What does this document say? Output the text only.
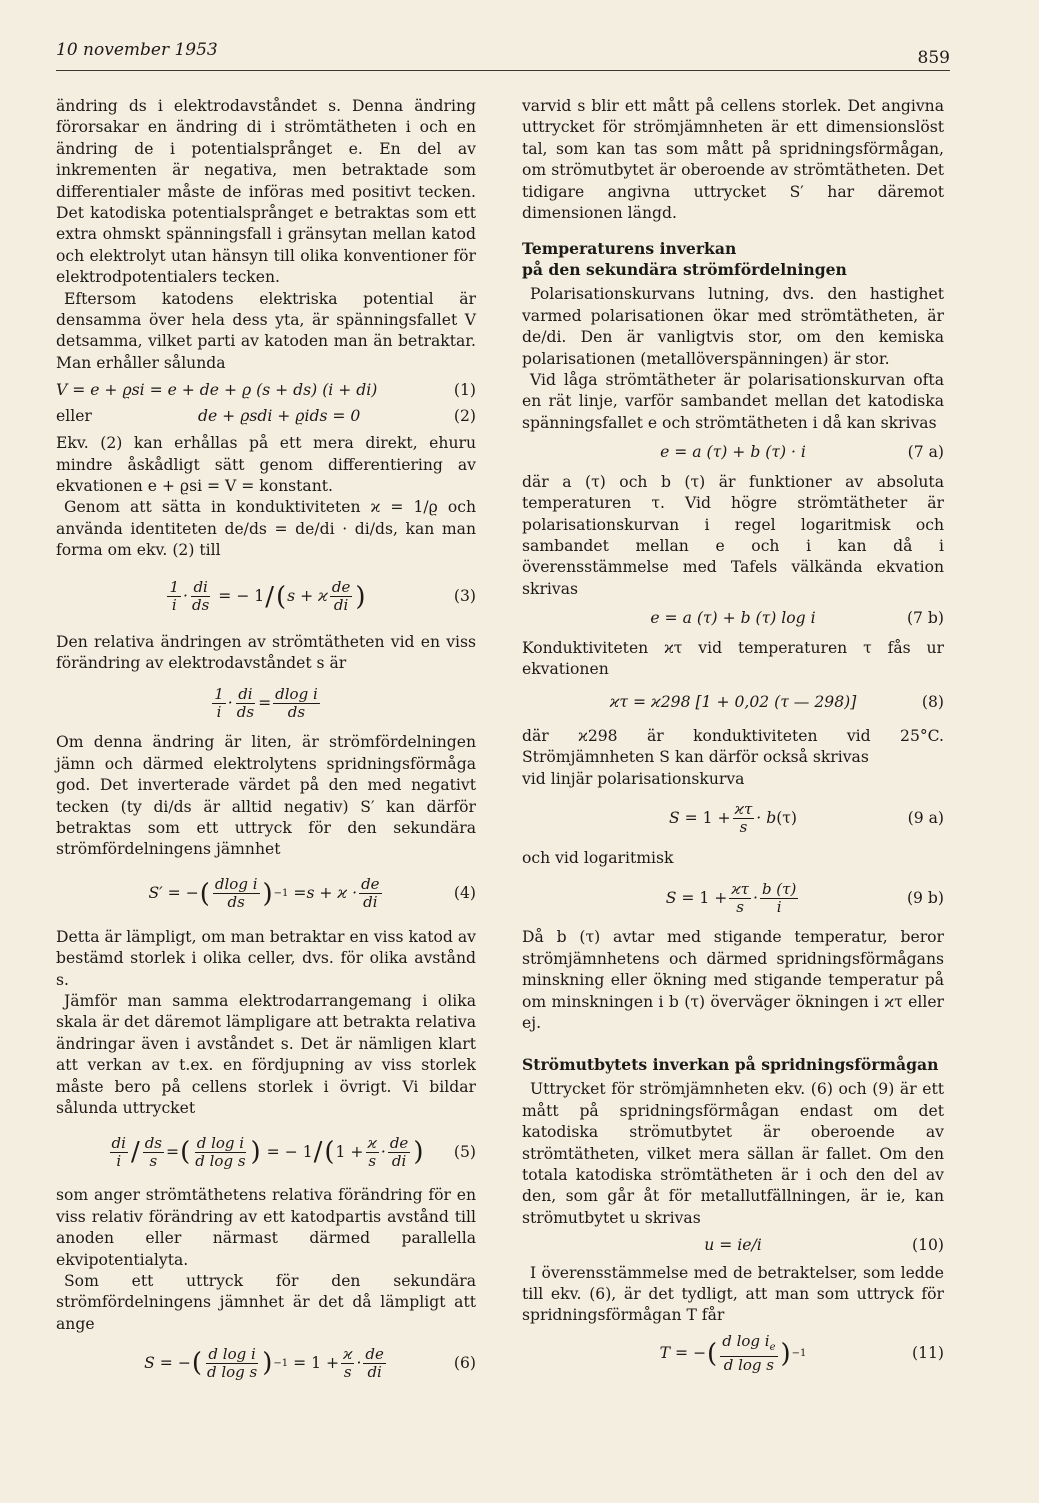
10 november 1953	859

ändring ds i elektrodavståndet s. Denna ändring förorsakar en ändring di i strömtätheten i och en ändring de i potentialsprånget e. En del av inkrementen är negativa, men betraktade som differentialer måste de införas med positivt tecken. Det katodiska potentialsprånget e betraktas som ett extra ohmskt spänningsfall i gränsytan mellan katod och elektrolyt utan hänsyn till olika konventioner för elektrodpotentialers tecken.

Eftersom katodens elektriska potential är densamma över hela dess yta, är spänningsfallet V detsamma, vilket parti av katoden man än betraktar. Man erhåller sålunda

V = e + ϱsi = e + de + ϱ (s + ds) (i + di)	(1)
eller	de + ϱsdi + ϱids = 0	(2)

Ekv. (2) kan erhållas på ett mera direkt, ehuru mindre åskådligt sätt genom differentiering av ekvationen e + ϱsi = V = konstant.

Genom att sätta in konduktiviteten ϰ = 1/ϱ och använda identiteten de/ds = de/di · di/ds, kan man forma om ekv. (2) till

$\frac{1}{i} \cdot \frac{di}{ds}$ = − 1 / ( s + ϰ $\frac{de}{di}$ )	(3)

Den relativa ändringen av strömtätheten vid en viss förändring av elektrodavståndet s är

$\frac{1}{i} \cdot \frac{di}{ds} = \frac{\text{dlog i}}{ds}$

Om denna ändring är liten, är strömfördelningen jämn och därmed elektrolytens spridningsförmåga god. Det inverterade värdet på den med negativt tecken (ty di/ds är alltid negativ) S′ kan därför betraktas som ett uttryck för den sekundära strömfördelningens jämnhet

S′ = − ( $\frac{\text{dlog i}}{ds}$ ) $-1 = s + ϰ \cdot \frac{de}{di}$	(4)

Detta är lämpligt, om man betraktar en viss katod av bestämd storlek i olika celler, dvs. för olika avstånd s.

Jämför man samma elektrodarrangemang i olika skala är det däremot lämpligare att betrakta relativa ändringar även i avståndet s. Det är nämligen klart att verkan av t.ex. en fördjupning av viss storlek måste bero på cellens storlek i övrigt. Vi bildar sålunda uttrycket

$\frac{di}{i} / \frac{ds}{s}$ = ( $\frac{\text{d log i}}{\text{d log s}}$ ) = − 1 / ( $1 + \frac{ϰ}{s} \cdot \frac{de}{di}$ ) (5)

som anger strömtäthetens relativa förändring för en viss relativ förändring av ett katodpartis avstånd till anoden eller närmast därmed parallella ekvipotentialyta.

Som ett uttryck för den sekundära strömfördelningens jämnhet är det då lämpligt att ange

S = − ( $\frac{\text{d log i}}{\text{d log s}}$ ) $-1 = 1 + \frac{ϰ}{s} \cdot \frac{de}{di}$	(6)

varvid s blir ett mått på cellens storlek. Det angivna uttrycket för strömjämnheten är ett dimensionslöst tal, som kan tas som mått på spridningsförmågan, om strömutbytet är oberoende av strömtätheten. Det tidigare angivna uttrycket S′ har däremot dimensionen längd.

Temperaturens inverkan
på den sekundära strömfördelningen

Polarisationskurvans lutning, dvs. den hastighet varmed polarisationen ökar med strömtätheten, är de/di. Den är vanligtvis stor, om den kemiska polarisationen (metallöverspänningen) är stor.

Vid låga strömtätheter är polarisationskurvan ofta en rät linje, varför sambandet mellan det katodiska spänningsfallet e och strömtätheten i då kan skrivas

e = a (τ) + b (τ) · i	(7 a)

där a (τ) och b (τ) är funktioner av absoluta temperaturen τ. Vid högre strömtätheter är polarisationskurvan i regel logaritmisk och sambandet mellan e och i kan då i överensstämmelse med Tafels välkända ekvation skrivas

e = a (τ) + b (τ) log i	(7 b)

Konduktiviteten ϰτ vid temperaturen τ fås ur ekvationen

ϰτ = ϰ298 [1 + 0,02 (τ — 298)]	(8)

där ϰ298 är konduktiviteten vid 25°C. Strömjämnheten S kan därför också skrivas

vid linjär polarisationskurva

$S = 1 + \frac{ϰ\tau}{s} \cdot b$ (τ)	(9 a)

och vid logaritmisk

$S = 1 + \frac{ϰ\tau}{s} \cdot \frac{b (\tau)}{i}$	(9 b)

Då b (τ) avtar med stigande temperatur, beror strömjämnhetens och därmed spridningsförmågans minskning eller ökning med stigande temperatur på om minskningen i b (τ) överväger ökningen i ϰτ eller ej.

Strömutbytets inverkan på spridningsförmågan

Uttrycket för strömjämnheten ekv. (6) och (9) är ett mått på spridningsförmågan endast om det katodiska strömutbytet är oberoende av strömtätheten, vilket mera sällan är fallet. Om den totala katodiska strömtätheten är i och den del av den, som går åt för metallutfällningen, är ie, kan strömutbytet u skrivas

u = ie/i	(10)

I överensstämmelse med de betraktelser, som ledde till ekv. (6), är det tydligt, att man som uttryck för spridningsförmågan T får

T = − ( $\frac{d \log i_e}{\text{d log s}}$ ) −1	(11)
